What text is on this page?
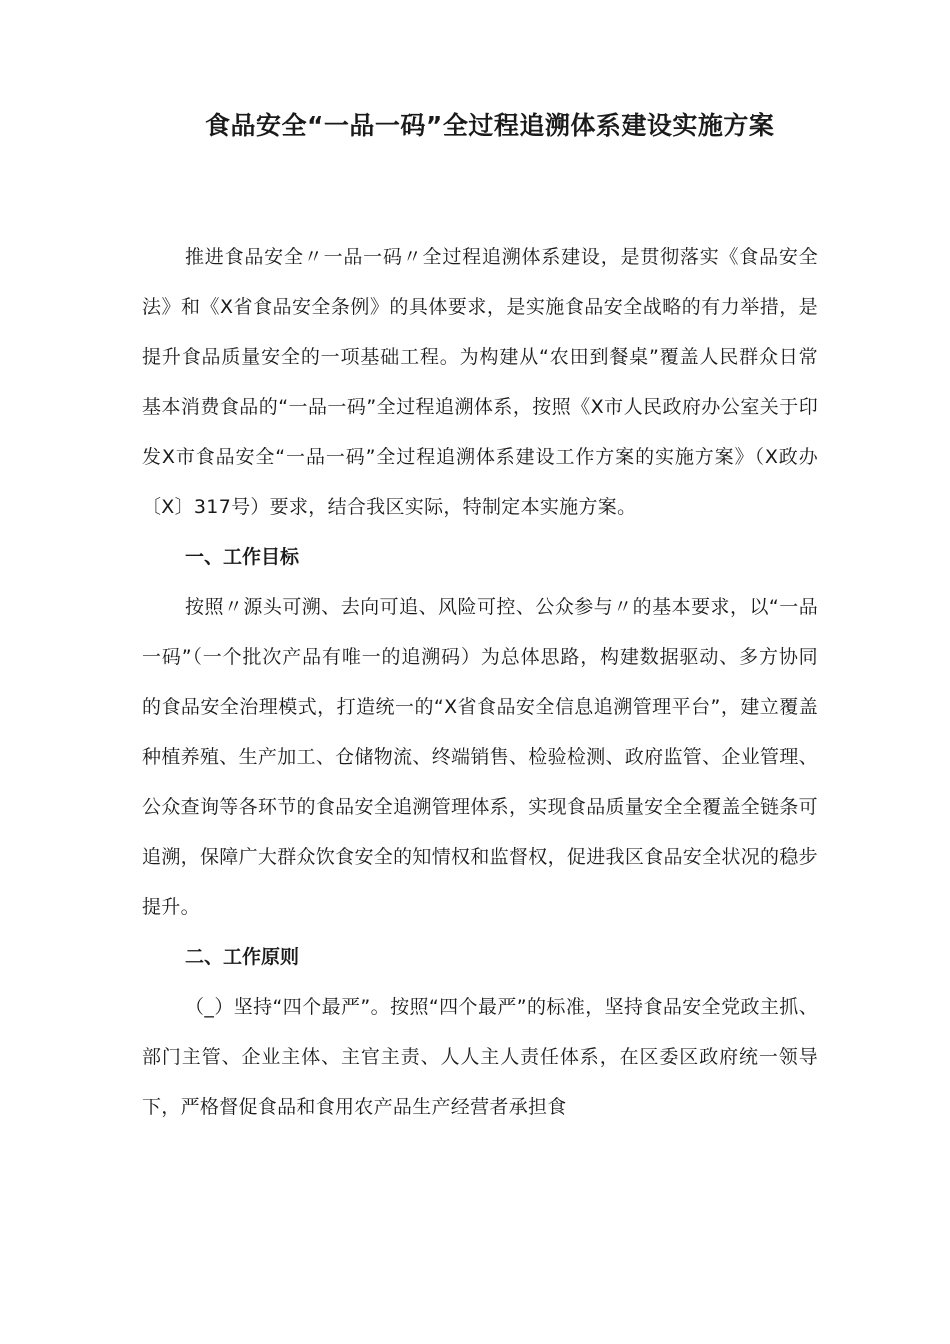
食品安全“一品一码”全过程追溯体系建设实施方案

推进食品安全〃一品一码〃全过程追溯体系建设，是贯彻落实《食品安全法》和《X省食品安全条例》的具体要求，是实施食品安全战略的有力举措，是提升食品质量安全的一项基础工程。为构建从“农田到餐桌”覆盖人民群众日常基本消费食品的“一品一码”全过程追溯体系，按照《X市人民政府办公室关于印发X市食品安全“一品一码”全过程追溯体系建设工作方案的实施方案》（X政办〔X〕317号）要求，结合我区实际，特制定本实施方案。

一、工作目标

按照〃源头可溯、去向可追、风险可控、公众参与〃的基本要求，以“一品一码”（一个批次产品有唯一的追溯码）为总体思路，构建数据驱动、多方协同的食品安全治理模式，打造统一的“X省食品安全信息追溯管理平台”，建立覆盖种植养殖、生产加工、仓储物流、终端销售、检验检测、政府监管、企业管理、公众查询等各环节的食品安全追溯管理体系，实现食品质量安全全覆盖全链条可追溯，保障广大群众饮食安全的知情权和监督权，促进我区食品安全状况的稳步提升。

二、工作原则

（_）坚持“四个最严”。按照“四个最严”的标准，坚持食品安全党政主抓、部门主管、企业主体、主官主责、人人主人责任体系，在区委区政府统一领导下，严格督促食品和食用农产品生产经营者承担食
